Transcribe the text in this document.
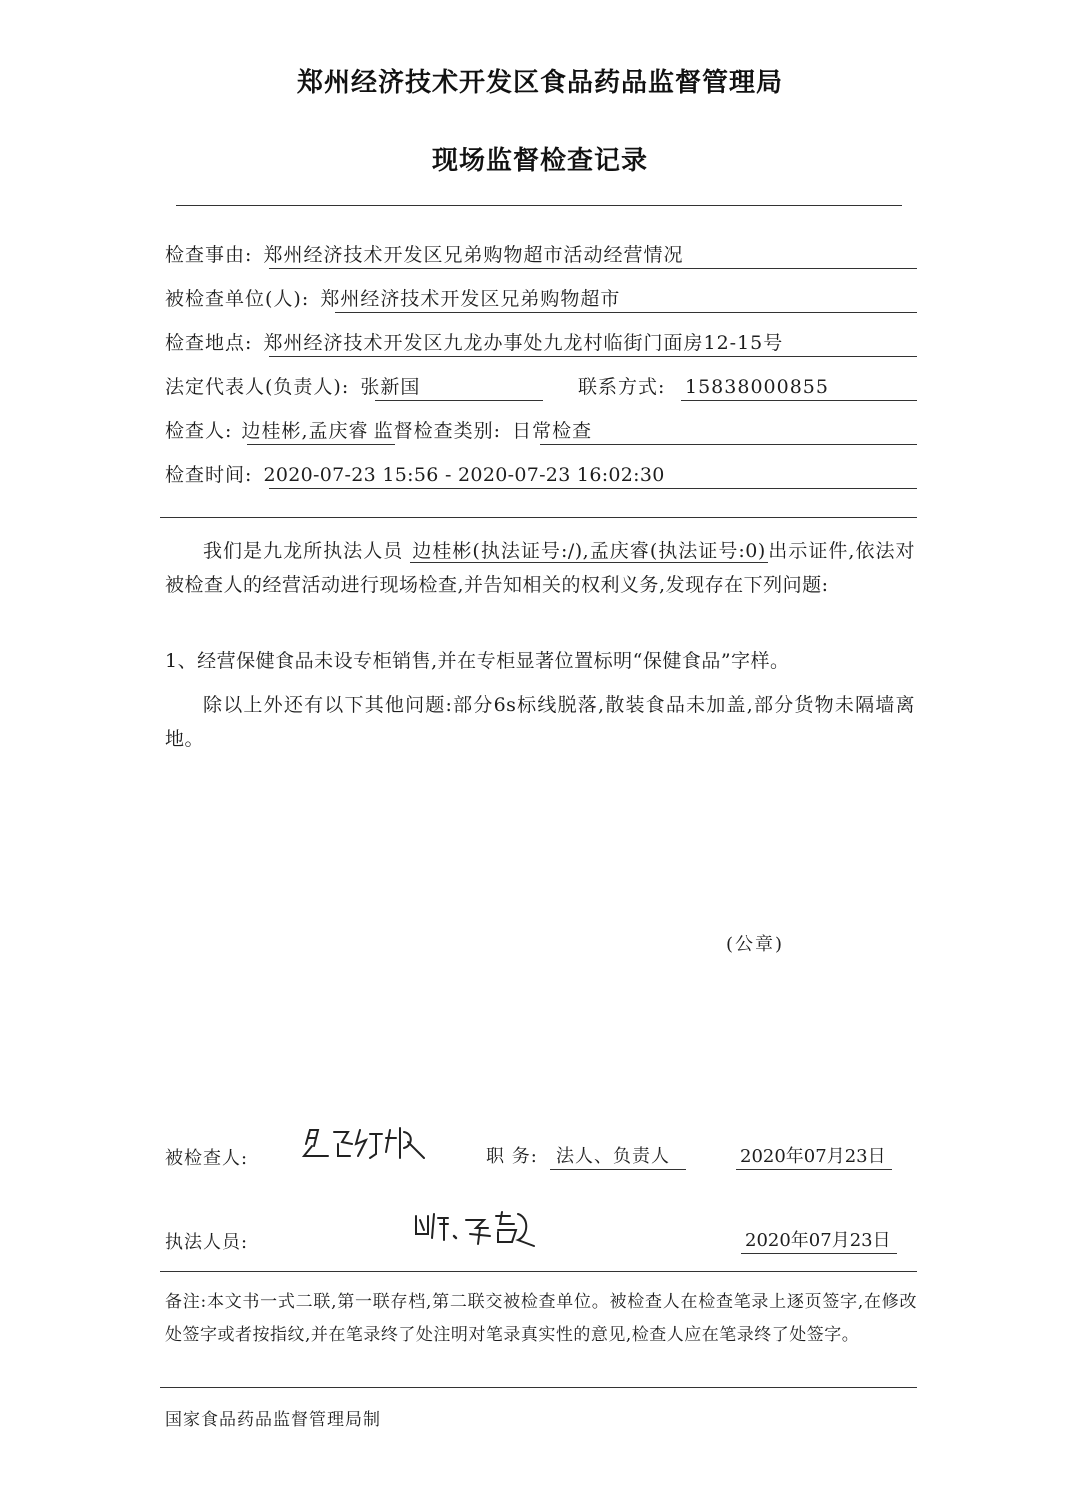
郑州经济技术开发区食品药品监督管理局
现场监督检查记录
检查事由: 郑州经济技术开发区兄弟购物超市活动经营情况
被检查单位(人): 郑州经济技术开发区兄弟购物超市
检查地点: 郑州经济技术开发区九龙办事处九龙村临街门面房12-15号
法定代表人(负责人): 张新国	联系方式: 15838000855
检查人: 边桂彬,孟庆睿 监督检查类别: 日常检查
检查时间: 2020-07-23 15:56 - 2020-07-23 16:02:30
我们是九龙所执法人员 边桂彬(执法证号:/),孟庆睿(执法证号:0) 出示证件,依法对被检查人的经营活动进行现场检查,并告知相关的权利义务,发现存在下列问题:
1、经营保健食品未设专柜销售,并在专柜显著位置标明“保健食品”字样。
除以上外还有以下其他问题:部分6s标线脱落,散装食品未加盖,部分货物未隔墙离地。
(公章)
被检查人:	职 务: 法人、负责人	2020年07月23日
执法人员:	2020年07月23日
备注:本文书一式二联,第一联存档,第二联交被检查单位。被检查人在检查笔录上逐页签字,在修改处签字或者按指纹,并在笔录终了处注明对笔录真实性的意见,检查人应在笔录终了处签字。
国家食品药品监督管理局制
